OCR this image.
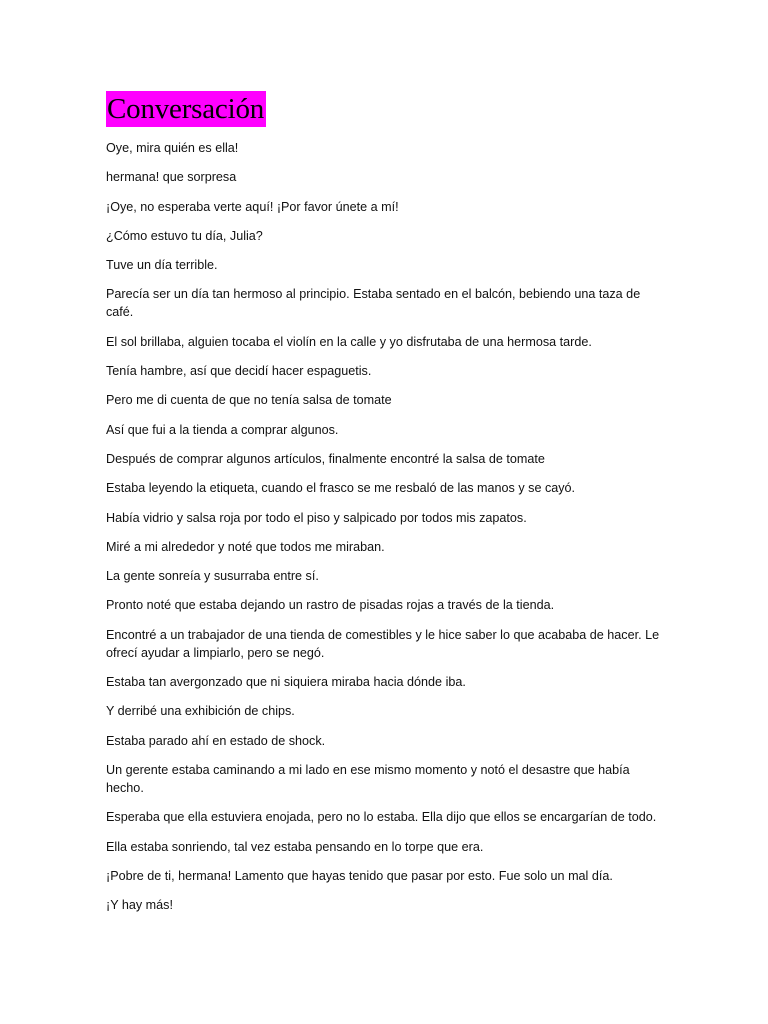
Conversación

Oye, mira quién es ella!

hermana! que sorpresa

¡Oye, no esperaba verte aquí! ¡Por favor únete a mí!

¿Cómo estuvo tu día, Julia?

Tuve un día terrible.

Parecía ser un día tan hermoso al principio. Estaba sentado en el balcón, bebiendo una taza de café.

El sol brillaba, alguien tocaba el violín en la calle y yo disfrutaba de una hermosa tarde.

Tenía hambre, así que decidí hacer espaguetis.

Pero me di cuenta de que no tenía salsa de tomate

Así que fui a la tienda a comprar algunos.

Después de comprar algunos artículos, finalmente encontré la salsa de tomate

Estaba leyendo la etiqueta, cuando el frasco se me resbaló de las manos y se cayó.

Había vidrio y salsa roja por todo el piso y salpicado por todos mis zapatos.

Miré a mi alrededor y noté que todos me miraban.

La gente sonreía y susurraba entre sí.

Pronto noté que estaba dejando un rastro de pisadas rojas a través de la tienda.

Encontré a un trabajador de una tienda de comestibles y le hice saber lo que acababa de hacer. Le ofrecí ayudar a limpiarlo, pero se negó.

Estaba tan avergonzado que ni siquiera miraba hacia dónde iba.

Y derribé una exhibición de chips.

Estaba parado ahí en estado de shock.

Un gerente estaba caminando a mi lado en ese mismo momento y notó el desastre que había hecho.

Esperaba que ella estuviera enojada, pero no lo estaba. Ella dijo que ellos se encargarían de todo.

Ella estaba sonriendo, tal vez estaba pensando en lo torpe que era.

¡Pobre de ti, hermana! Lamento que hayas tenido que pasar por esto. Fue solo un mal día.

¡Y hay más!
